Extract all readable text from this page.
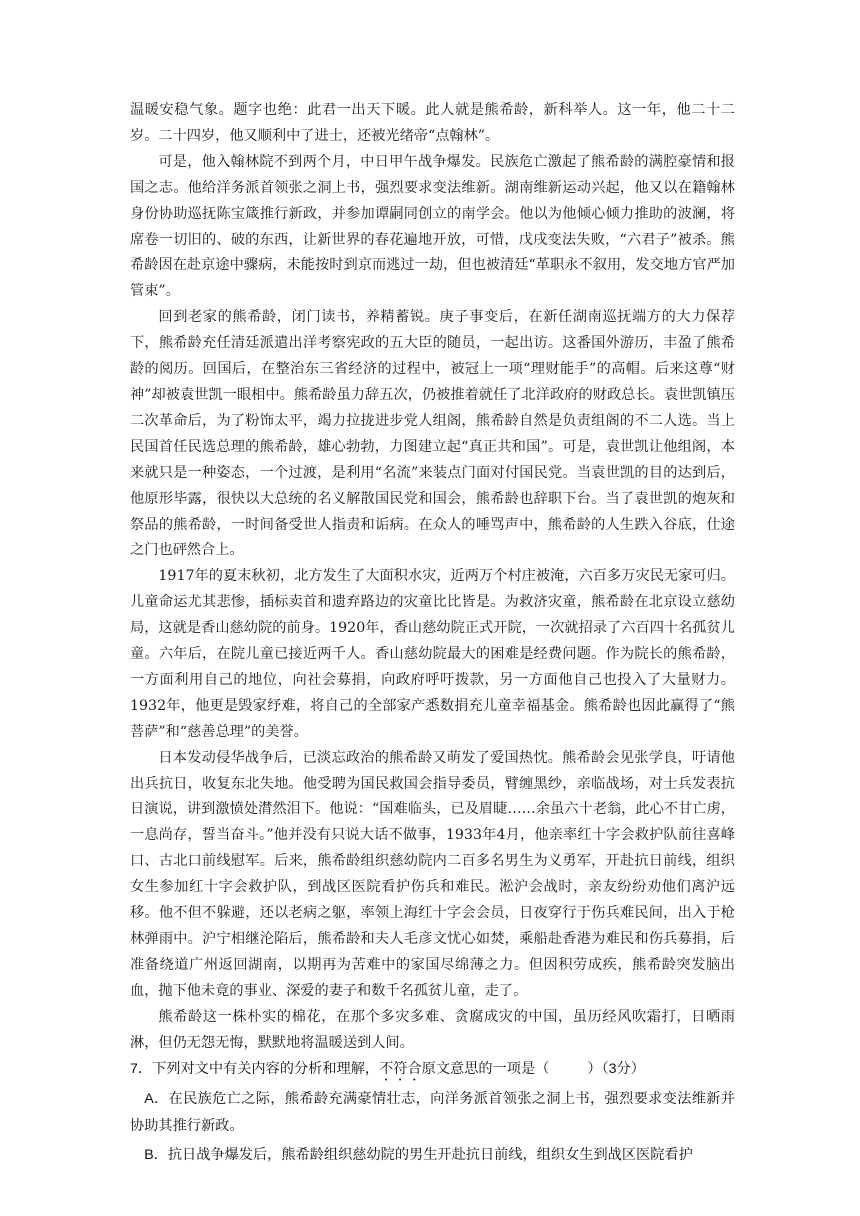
温暖安稳气象。题字也绝：此君一出天下暖。此人就是熊希龄，新科举人。这一年，他二十二岁。二十四岁，他又顺利中了进士，还被光绪帝“点翰林”。

可是，他入翰林院不到两个月，中日甲午战争爆发。民族危亡激起了熊希龄的满腔豪情和报国之志。他给洋务派首领张之洞上书，强烈要求变法维新。湖南维新运动兴起，他又以在籍翰林身份协助巡抚陈宝箴推行新政，并参加谭嗣同创立的南学会。他以为他倾心倾力推助的波澜，将席卷一切旧的、破的东西，让新世界的春花遍地开放，可惜，戊戌变法失败，“六君子”被杀。熊希龄因在赴京途中骤病，未能按时到京而逃过一劫，但也被清廷“革职永不叙用，发交地方官严加管束”。

回到老家的熊希龄，闭门读书，养精蓄锐。庚子事变后，在新任湖南巡抚端方的大力保荐下，熊希龄充任清廷派遣出洋考察宪政的五大臣的随员，一起出访。这番国外游历，丰盈了熊希龄的阅历。回国后，在整治东三省经济的过程中，被冠上一项“理财能手”的高帽。后来这尊“财神”却被袁世凯一眼相中。熊希龄虽力辞五次，仍被推着就任了北洋政府的财政总长。袁世凯镇压二次革命后，为了粉饰太平，竭力拉拢进步党人组阁，熊希龄自然是负责组阁的不二人选。当上民国首任民选总理的熊希龄，雄心勃勃，力图建立起“真正共和国”。可是，袁世凯让他组阁，本来就只是一种姿态，一个过渡，是利用“名流”来装点门面对付国民党。当袁世凯的目的达到后，他原形毕露，很快以大总统的名义解散国民党和国会，熊希龄也辞职下台。当了袁世凯的炮灰和祭品的熊希龄，一时间备受世人指责和诟病。在众人的唾骂声中，熊希龄的人生跌入谷底，仕途之门也砰然合上。

1917年的夏末秋初，北方发生了大面积水灾，近两万个村庄被淹，六百多万灾民无家可归。儿童命运尤其悲惨，插标卖首和遗弃路边的灾童比比皆是。为救济灾童，熊希龄在北京设立慈幼局，这就是香山慈幼院的前身。1920年，香山慈幼院正式开院，一次就招录了六百四十名孤贫儿童。六年后，在院儿童已接近两千人。香山慈幼院最大的困难是经费问题。作为院长的熊希龄，一方面利用自己的地位，向社会募捐，向政府呼吁拨款，另一方面他自己也投入了大量财力。1932年，他更是毁家纾难，将自己的全部家产悉数捐充儿童幸福基金。熊希龄也因此赢得了“熊菩萨”和“慈善总理”的美誉。

日本发动侵华战争后，已淡忘政治的熊希龄又萌发了爱国热忱。熊希龄会见张学良，吁请他出兵抗日，收复东北失地。他受聘为国民救国会指导委员，臂缠黑纱，亲临战场，对士兵发表抗日演说，讲到激愤处潸然泪下。他说：“国难临头，已及眉睫……余虽六十老翁，此心不甘亡虏，一息尚存，誓当奋斗。”他并没有只说大话不做事，1933年4月，他亲率红十字会救护队前往喜峰口、古北口前线慰军。后来，熊希龄组织慈幼院内二百多名男生为义勇军，开赴抗日前线，组织女生参加红十字会救护队，到战区医院看护伤兵和难民。淞沪会战时，亲友纷纷劝他们离沪远移。他不但不躲避，还以老病之躯，率领上海红十字会会员，日夜穿行于伤兵难民间，出入于枪林弹雨中。沪宁相继沦陷后，熊希龄和夫人毛彦文忧心如焚，乘船赴香港为难民和伤兵募捐，后准备绕道广州返回湖南，以期再为苦难中的家国尽绵薄之力。但因积劳成疾，熊希龄突发脑出血，抛下他未竟的事业、深爱的妻子和数千名孤贫儿童，走了。

熊希龄这一株朴实的棉花，在那个多灾多难、贪腐成灾的中国，虽历经风吹霜打，日晒雨淋，但仍无怨无悔，默默地将温暖送到人间。

7．下列对文中有关内容的分析和理解，不符合原文意思的一项是（	）（3分）

A．在民族危亡之际，熊希龄充满豪情壮志，向洋务派首领张之洞上书，强烈要求变法维新并协助其推行新政。

B．抗日战争爆发后，熊希龄组织慈幼院的男生开赴抗日前线，组织女生到战区医院看护
